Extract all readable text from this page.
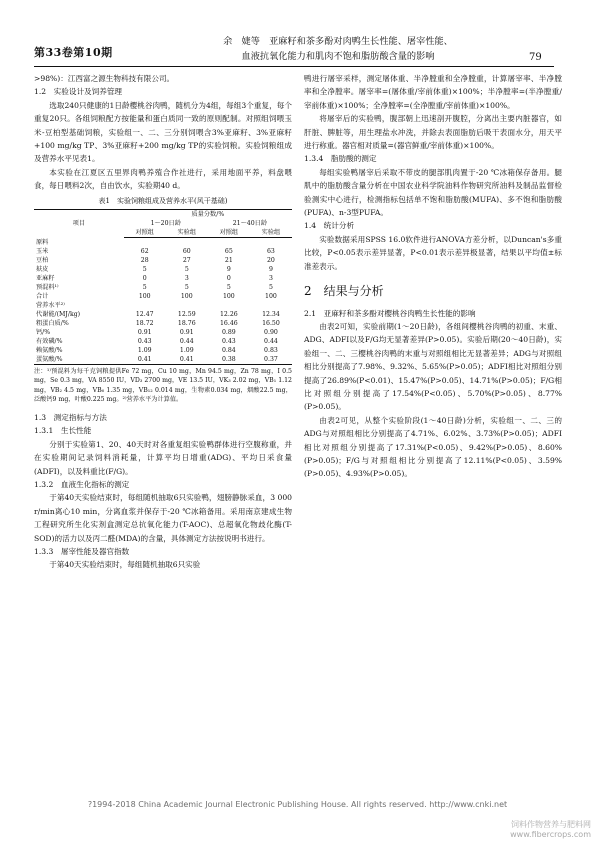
第33卷第10期
余　婕等　亚麻籽和茶多酚对肉鸭生长性能、屠宰性能、
血液抗氧化能力和肌肉不饱和脂肪酸含量的影响	79

>98%)：江西富之源生物科技有限公司。

1.2　实验设计及饲养管理

选取240只健康的1日龄樱桃谷肉鸭，随机分为4组，每组3个重复，每个重复20只。各组饲粮配方按能量和蛋白质同一致的原则配制。对照组饲喂玉米-豆柏型基础饲粮，实验组一、二、三分别饲喂含3%亚麻籽、3%亚麻籽+100 mg/kg TP、3%亚麻籽+200 mg/kg TP的实验饲粮。实验饲粮组成及营养水平见表1。

本实验在江夏区五里界肉鸭养殖合作社进行，采用地面平养，料盘喂食，每日喂料2次，自由饮水，实验期40 d。

表1　实验饲粮组成及营养水平(风干基础)

项目	质量分数/%			
	1～20日龄		21～40日龄	
	对照组	实验组	对照组	实验组
原料				
玉米	62	60	65	63
豆柏	28	27	21	20
麸皮	5	5	9	9
亚麻籽	0	3	0	3
预混料¹⁾	5	5	5	5
合计	100	100	100	100
营养水平²⁾				
代谢能/(MJ/kg)	12.47	12.59	12.26	12.34
粗蛋白质/%	18.72	18.76	16.46	16.50
钙/%	0.91	0.91	0.89	0.90
有效磷/%	0.43	0.44	0.43	0.44
赖氨酸/%	1.09	1.09	0.84	0.83
蛋氨酸/%	0.41	0.41	0.38	0.37

注：¹⁾预混料为每千克饲粮提供Fe 72 mg，Cu 10 mg，Mn 94.5 mg，Zn 78 mg，I 0.5 mg，Se 0.3 mg，VA 8550 IU，VD₃ 2700 mg，VE 13.5 IU，VK₃ 2.02 mg，VB₁ 1.12 mg，VB₂ 4.5 mg，VB₆ 1.35 mg，VB₁₂ 0.014 mg，生物素0.034 mg，烟酸22.5 mg，泛酸钙9 mg，叶酸0.225 mg。²⁾营养水平为计算值。

1.3　测定指标与方法

1.3.1　生长性能

分别于实验第1、20、40天时对各重复组实验鸭群体进行空腹称重，并在实验期间记录饲料消耗量，计算平均日增重(ADG)、平均日采食量(ADFI)，以及料重比(F/G)。

1.3.2　血液生化指标的测定

于第40天实验结束时，每组随机抽取6只实验鸭，翅膀静脉采血，3 000 r/min离心10 min，分离血浆并保存于-20 ℃冰箱备用。采用南京建成生物工程研究所生化实剂盒测定总抗氧化能力(T-AOC)、总超氧化物歧化酶(T-SOD)的活力以及丙二醛(MDA)的含量，具体测定方法按说明书进行。

1.3.3　屠宰性能及器官指数

于第40天实验结束时，每组随机抽取6只实验

鸭进行屠宰采样，测定屠体重、半净膛重和全净膛重，计算屠宰率、半净膛率和全净膛率。屠宰率=(屠体重/宰前体重)×100%；半净膛率=(半净膛重/宰前体重)×100%；全净膛率=(全净膛重/宰前体重)×100%。

将屠宰后的实验鸭，腹部朝上迅速剖开腹腔，分离出主要内脏器官，如肝脏、脾脏等，用生理盐水冲洗，并除去表面脂肪后吸干表面水分，用天平进行称重。器官相对质量=(器官鲜重/宰前体重)×100%。

1.3.4　脂肪酸的测定

每组实验鸭屠宰后采取不带皮的腿部肌肉置于-20 ℃冰箱保存备用。腿肌中的脂肪酸含量分析在中国农业科学院油料作物研究所油料及制品监督检验测实中心进行，检测指标包括单不饱和脂肪酸(MUFA)、多不饱和脂肪酸(PUFA)、n-3型PUFA。

1.4　统计分析

实验数据采用SPSS 16.0软件进行ANOVA方差分析，以Duncan's多重比较，P<0.05表示差异显著，P<0.01表示差异极显著，结果以平均值±标准差表示。

2　结果与分析

2.1　亚麻籽和茶多酚对樱桃谷肉鸭生长性能的影响

由表2可知，实验前期(1～20日龄)，各组间樱桃谷肉鸭的初重、末重、ADG、ADFI以及F/G均无显著差异(P>0.05)。实验后期(20～40日龄)，实验组一、二、三樱桃谷肉鸭的末重与对照组相比无显著差异；ADG与对照组相比分别提高了7.98%、9.32%、5.65%(P>0.05)；ADFI相比对照组分别提高了26.89%(P<0.01)、15.47%(P>0.05)、14.71%(P>0.05)；F/G相比对照组分别提高了17.54%(P<0.05)、5.70%(P>0.05)、8.77%(P>0.05)。

由表2可见，从整个实验阶段(1～40日龄)分析，实验组一、二、三的ADG与对照组相比分别提高了4.71%、6.02%、3.73%(P>0.05)；ADFI相比对照组分别提高了17.31%(P<0.05)、9.42%(P>0.05)、8.60%(P>0.05)；F/G与对照组相比分别提高了12.11%(P<0.05)、3.59%(P>0.05)、4.93%(P>0.05)。

?1994-2018 China Academic Journal Electronic Publishing House. All rights reserved. http://www.cnki.net
饲料作物营养与肥料网 www.fibercrops.com
